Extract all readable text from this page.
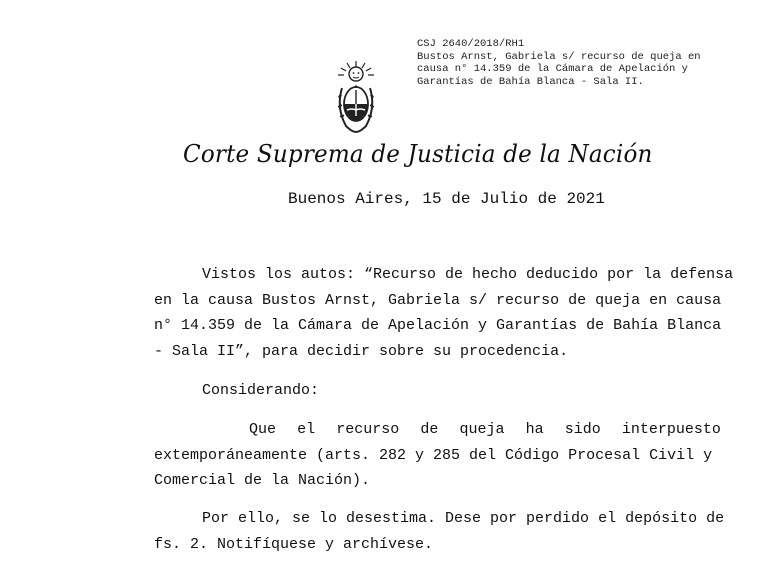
CSJ 2640/2018/RH1
Bustos Arnst, Gabriela s/ recurso de queja en
causa n° 14.359 de la Cámara de Apelación y
Garantías de Bahía Blanca - Sala II.
Corte Suprema de Justicia de la Nación
Buenos Aires, 15 de Julio de 2021
Vistos los autos: “Recurso de hecho deducido por la defensa
en la causa Bustos Arnst, Gabriela s/ recurso de queja en causa
n° 14.359 de la Cámara de Apelación y Garantías de Bahía Blanca
- Sala II”, para decidir sobre su procedencia.
Considerando:
Que el recurso de queja ha sido interpuesto
extemporáneamente (arts. 282 y 285 del Código Procesal Civil y
Comercial de la Nación).
Por ello, se lo desestima. Dese por perdido el depósito de
fs. 2. Notifíquese y archívese.
